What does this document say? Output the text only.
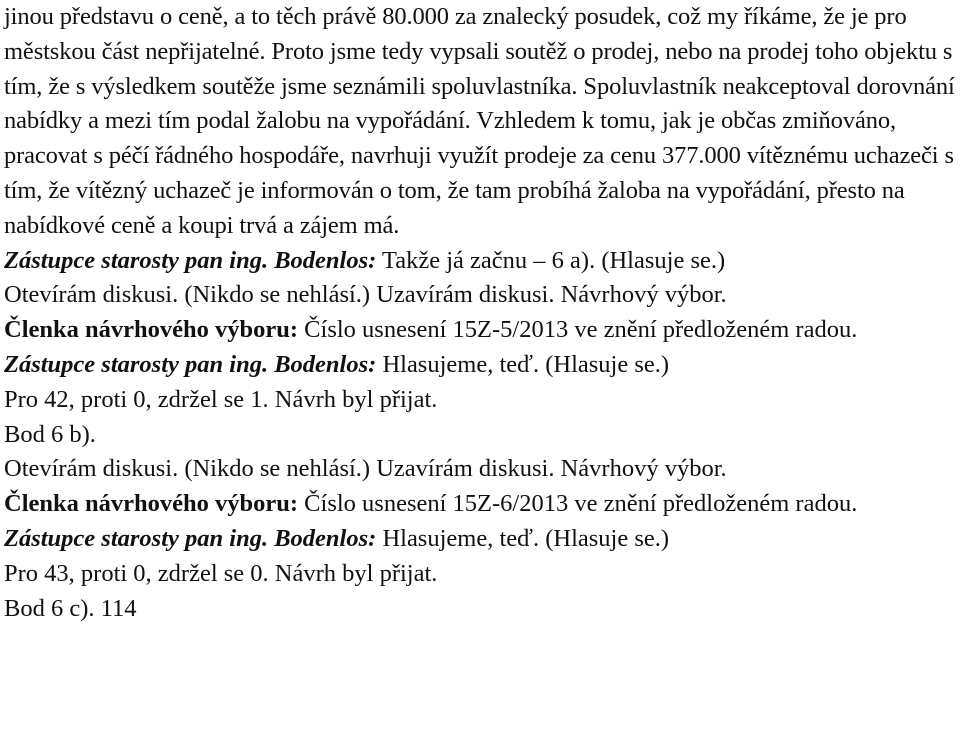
jinou představu o ceně, a to těch právě 80.000 za znalecký posudek, což my říkáme, že je pro městskou část nepřijatelné. Proto jsme tedy vypsali soutěž o prodej, nebo na prodej toho objektu s tím, že s výsledkem soutěže jsme seznámili spoluvlastníka. Spoluvlastník neakceptoval dorovnání nabídky a mezi tím podal žalobu na vypořádání. Vzhledem k tomu, jak je občas zmiňováno, pracovat s péčí řádného hospodáře, navrhuji využít prodeje za cenu 377.000 vítěznému uchazeči s tím, že vítězný uchazeč je informován o tom, že tam probíhá žaloba na vypořádání, přesto na nabídkové ceně a koupi trvá a zájem má.

Zástupce starosty pan ing. Bodenlos: Takže já začnu – 6 a). (Hlasuje se.)

Otevírám diskusi. (Nikdo se nehlásí.) Uzavírám diskusi. Návrhový výbor.

Členka návrhového výboru: Číslo usnesení 15Z-5/2013 ve znění předloženém radou.

Zástupce starosty pan ing. Bodenlos: Hlasujeme, teď. (Hlasuje se.)

Pro 42, proti 0, zdržel se 1. Návrh byl přijat.

Bod 6 b).

Otevírám diskusi. (Nikdo se nehlásí.) Uzavírám diskusi. Návrhový výbor.

Členka návrhového výboru: Číslo usnesení 15Z-6/2013 ve znění předloženém radou.

Zástupce starosty pan ing. Bodenlos: Hlasujeme, teď. (Hlasuje se.)

Pro 43, proti 0, zdržel se 0. Návrh byl přijat.

Bod 6 c). 114
